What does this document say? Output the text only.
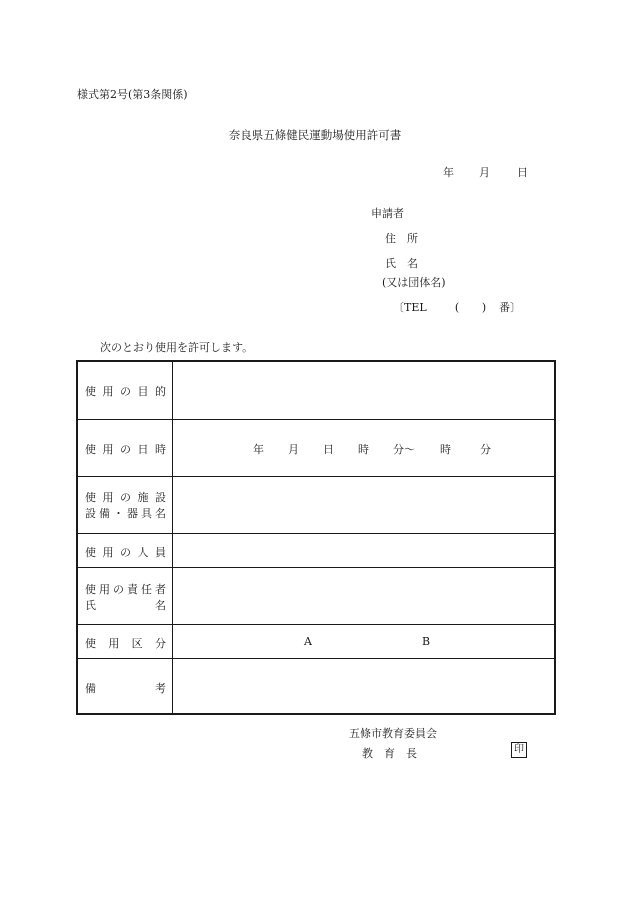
様式第2号(第3条関係)
奈良県五條健民運動場使用許可書
年	月	日
申請者
住　所
氏　名
(又は団体名)
〔TEL	( ) 番〕
次のとおり使用を許可します。
使 用 の 目 的
使 用 の 日 時	年 月 日 時 分〜 時	分
使 用 の 施 設
設 備 ・ 器 具 名
使 用 の 人 員
使 用 の 責 任 者
氏	名
使 用 区 分	A	B
備	考
五條市教育委員会
教	育	長	印
